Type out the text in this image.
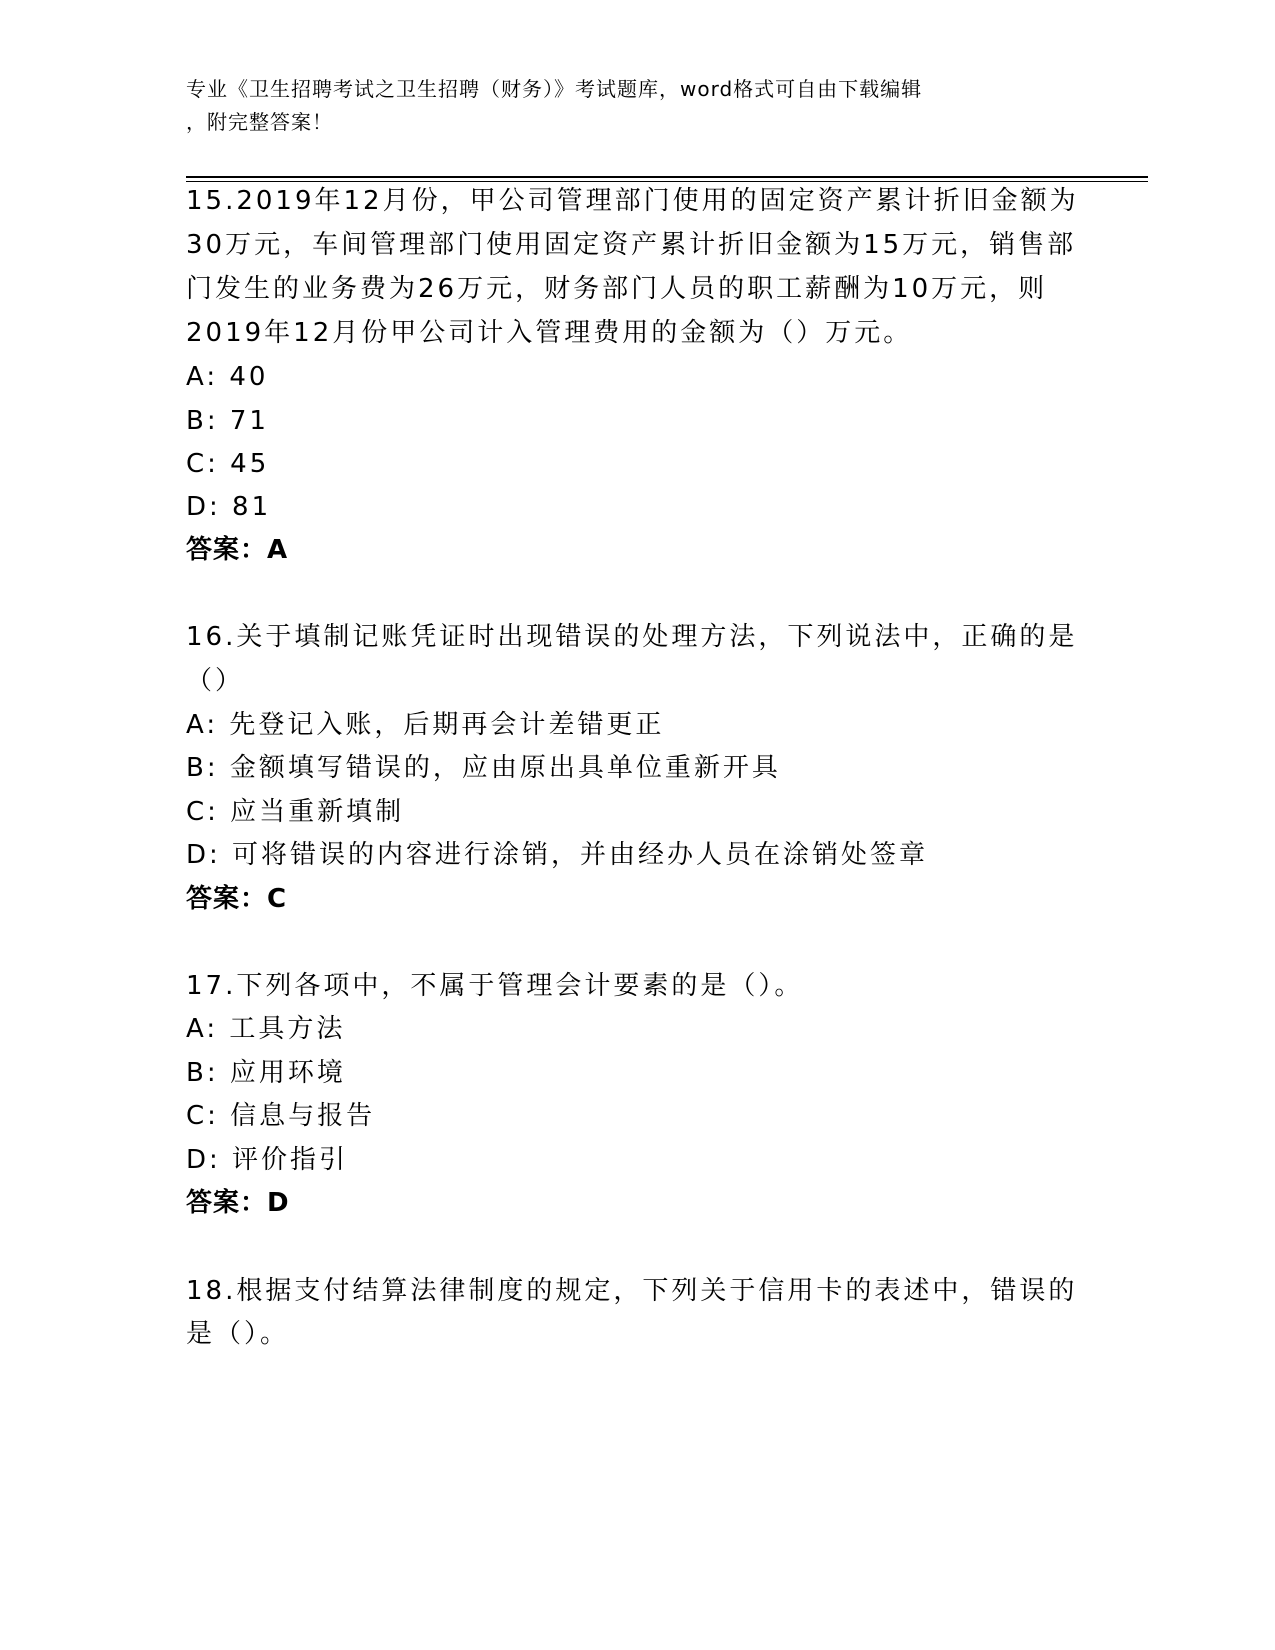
专业《卫生招聘考试之卫生招聘（财务）》考试题库，word格式可自由下载编辑
，附完整答案！
15.2019年12月份，甲公司管理部门使用的固定资产累计折旧金额为
30万元，车间管理部门使用固定资产累计折旧金额为15万元，销售部
门发生的业务费为26万元，财务部门人员的职工薪酬为10万元，则
2019年12月份甲公司计入管理费用的金额为（）万元。
A: 40
B: 71
C: 45
D: 81
答案：A
16.关于填制记账凭证时出现错误的处理方法，下列说法中，正确的是
（）
A: 先登记入账，后期再会计差错更正
B: 金额填写错误的，应由原出具单位重新开具
C: 应当重新填制
D: 可将错误的内容进行涂销，并由经办人员在涂销处签章
答案：C
17.下列各项中，不属于管理会计要素的是（）。
A: 工具方法
B: 应用环境
C: 信息与报告
D: 评价指引
答案：D
18.根据支付结算法律制度的规定，下列关于信用卡的表述中，错误的
是（）。
